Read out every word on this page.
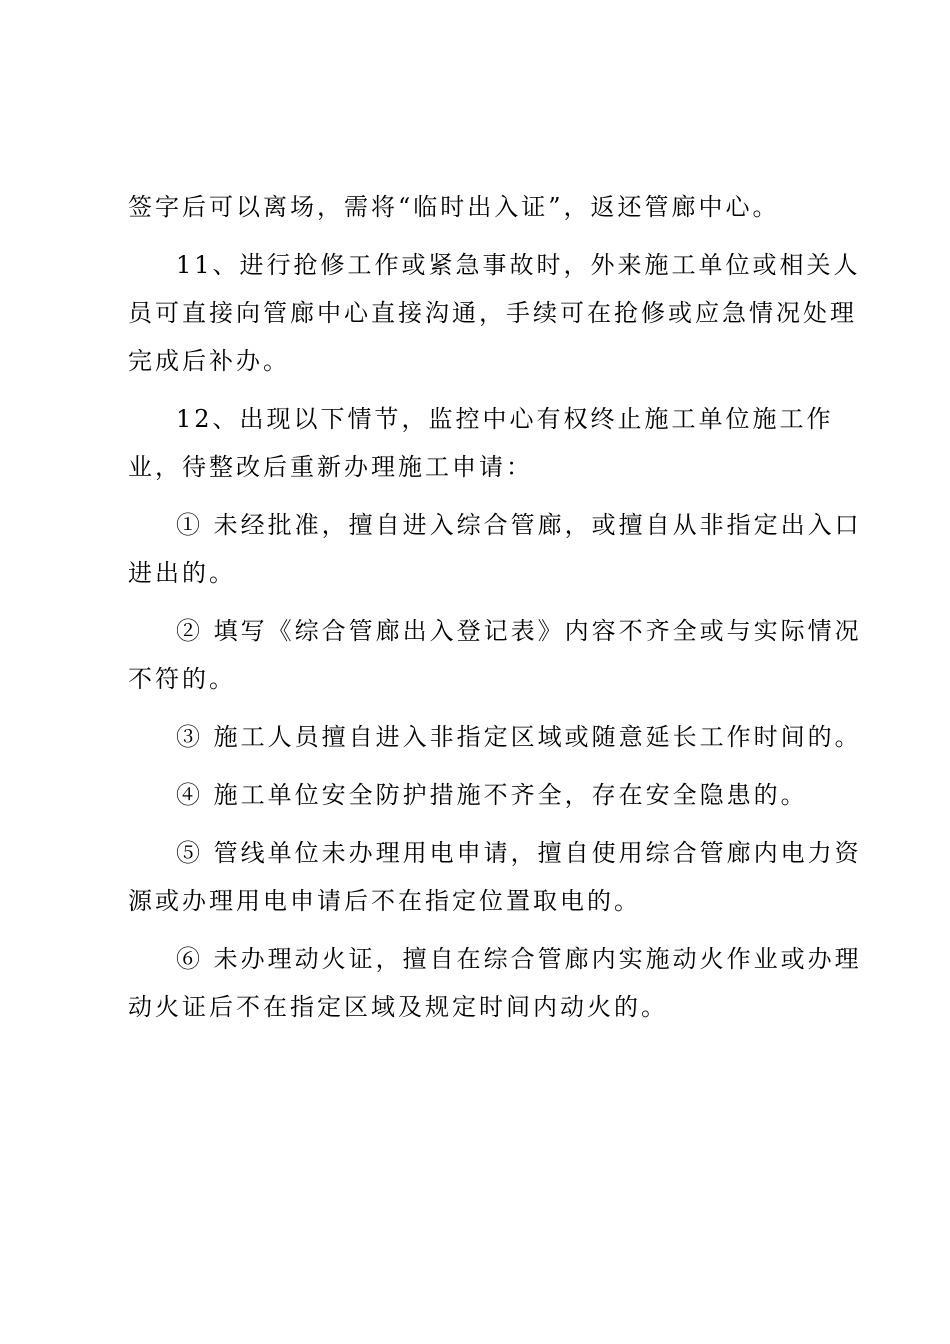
签字后可以离场，需将“临时出入证”，返还管廊中心。
11、进行抢修工作或紧急事故时，外来施工单位或相关人
员可直接向管廊中心直接沟通，手续可在抢修或应急情况处理
完成后补办。
12、出现以下情节，监控中心有权终止施工单位施工作
业，待整改后重新办理施工申请：
① 未经批准，擅自进入综合管廊，或擅自从非指定出入口
进出的。
② 填写《综合管廊出入登记表》内容不齐全或与实际情况
不符的。
③ 施工人员擅自进入非指定区域或随意延长工作时间的。
④ 施工单位安全防护措施不齐全，存在安全隐患的。
⑤ 管线单位未办理用电申请，擅自使用综合管廊内电力资
源或办理用电申请后不在指定位置取电的。
⑥ 未办理动火证，擅自在综合管廊内实施动火作业或办理
动火证后不在指定区域及规定时间内动火的。
